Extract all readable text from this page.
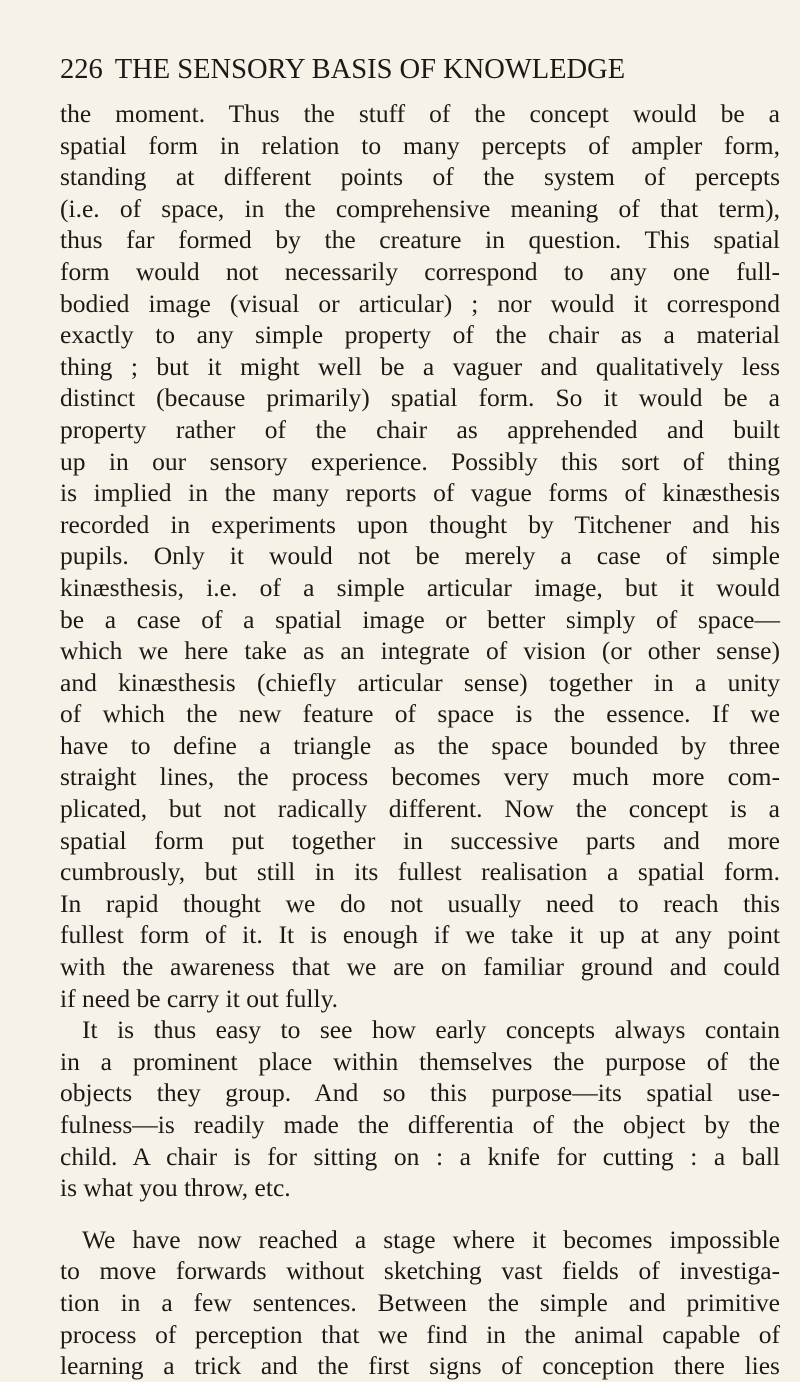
226 THE SENSORY BASIS OF KNOWLEDGE
the moment. Thus the stuff of the concept would be a
spatial form in relation to many percepts of ampler form,
standing at different points of the system of percepts
(i.e. of space, in the comprehensive meaning of that term),
thus far formed by the creature in question. This spatial
form would not necessarily correspond to any one full-
bodied image (visual or articular) ; nor would it correspond
exactly to any simple property of the chair as a material
thing ; but it might well be a vaguer and qualitatively less
distinct (because primarily) spatial form. So it would be a
property rather of the chair as apprehended and built
up in our sensory experience. Possibly this sort of thing
is implied in the many reports of vague forms of kinæsthesis
recorded in experiments upon thought by Titchener and his
pupils. Only it would not be merely a case of simple
kinæsthesis, i.e. of a simple articular image, but it would
be a case of a spatial image or better simply of space—
which we here take as an integrate of vision (or other sense)
and kinæsthesis (chiefly articular sense) together in a unity
of which the new feature of space is the essence. If we
have to define a triangle as the space bounded by three
straight lines, the process becomes very much more com-
plicated, but not radically different. Now the concept is a
spatial form put together in successive parts and more
cumbrously, but still in its fullest realisation a spatial form.
In rapid thought we do not usually need to reach this
fullest form of it. It is enough if we take it up at any point
with the awareness that we are on familiar ground and could
if need be carry it out fully.
It is thus easy to see how early concepts always contain
in a prominent place within themselves the purpose of the
objects they group. And so this purpose—its spatial use-
fulness—is readily made the differentia of the object by the
child. A chair is for sitting on : a knife for cutting : a ball
is what you throw, etc.
We have now reached a stage where it becomes impossible
to move forwards without sketching vast fields of investiga-
tion in a few sentences. Between the simple and primitive
process of perception that we find in the animal capable of
learning a trick and the first signs of conception there lies
